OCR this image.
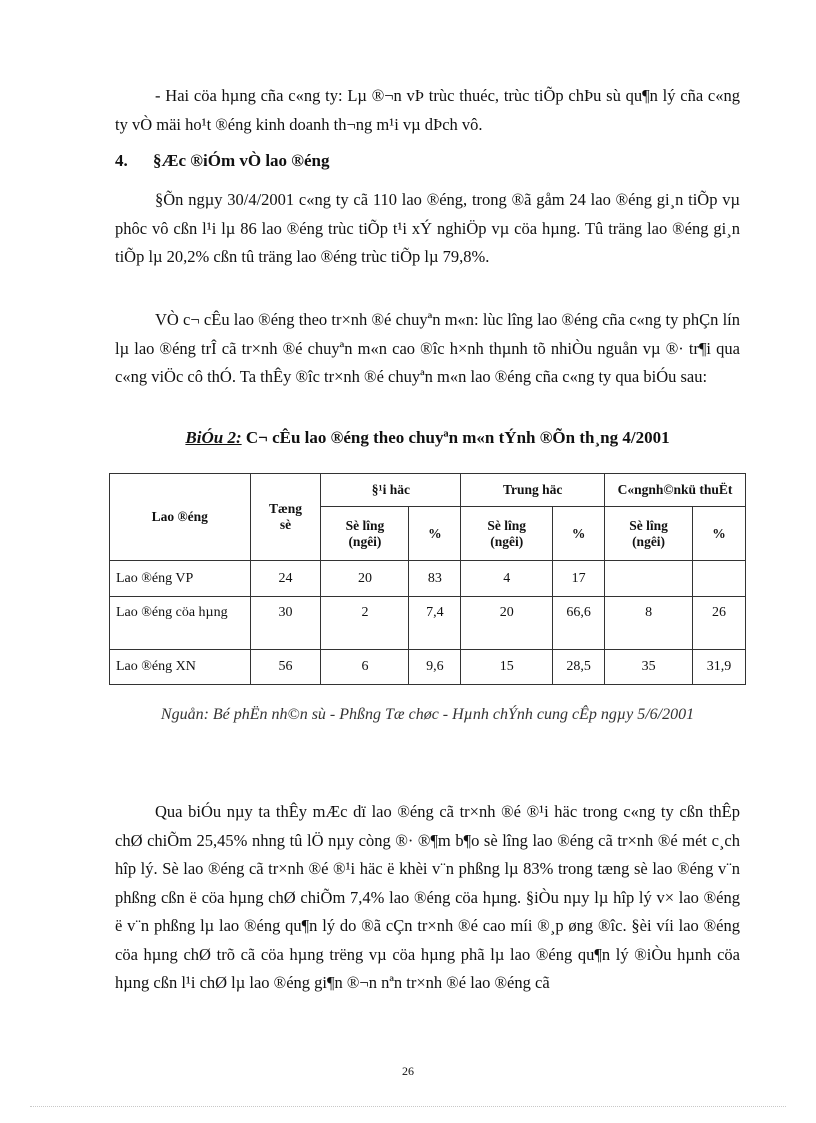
- Hai cöa hµng cña c«ng ty: Lµ ®¬n vÞ trùc thuéc, trùc tiÕp chÞu sù qu¶n lý cña c«ng ty vÒ mäi ho¹t ®éng kinh doanh th¬ng m¹i vµ dÞch vô.

4. §Æc ®iÓm vÒ lao ®éng

§Õn ngµy 30/4/2001 c«ng ty cã 110 lao ®éng, trong ®ã gåm 24 lao ®éng gi¸n tiÕp vµ phôc vô cßn l¹i lµ 86 lao ®éng trùc tiÕp t¹i xÝ nghiÖp vµ cöa hµng. Tû träng lao ®éng gi¸n tiÕp lµ 20,2% cßn tû träng lao ®éng trùc tiÕp lµ 79,8%.

VÒ c¬ cÊu lao ®éng theo tr×nh ®é chuyªn m«n: lùc lîng lao ®éng cña c«ng ty phÇn lín lµ lao ®éng trÎ cã tr×nh ®é chuyªn m«n cao ®îc h×nh thµnh tõ nhiÒu nguån vµ ®· tr¶i qua c«ng viÖc cô thÓ. Ta thÊy ®îc tr×nh ®é chuyªn m«n lao ®éng cña c«ng ty qua biÓu sau:

BiÓu 2: C¬ cÊu lao ®éng theo chuyªn m«n tÝnh ®Õn th¸ng 4/2001

Lao ®éng	Tæng sè	§¹i häc		Trung häc		C«ngnh©nkü thuËt	
		Sè lîng (ngêi)	%	Sè lîng (ngêi)	%	Sè lîng (ngêi)	%
Lao ®éng VP	24	20	83	4	17		
Lao ®éng cöa hµng	30	2	7,4	20	66,6	8	26
Lao ®éng XN	56	6	9,6	15	28,5	35	31,9

Nguån: Bé phËn nh©n sù - Phßng Tæ chøc - Hµnh chÝnh cung cÊp ngµy 5/6/2001

Qua biÓu nµy ta thÊy mÆc dï lao ®éng cã tr×nh ®é ®¹i häc trong c«ng ty cßn thÊp chØ chiÕm 25,45% nhng tû lÖ nµy còng ®· ®¶m b¶o sè lîng lao ®éng cã tr×nh ®é mét c¸ch hîp lý. Sè lao ®éng cã tr×nh ®é ®¹i häc ë khèi v¨n phßng lµ 83% trong tæng sè lao ®éng v¨n phßng cßn ë cöa hµng chØ chiÕm 7,4% lao ®éng cöa hµng. §iÒu nµy lµ hîp lý v× lao ®éng ë v¨n phßng lµ lao ®éng qu¶n lý do ®ã cÇn tr×nh ®é cao míi ®¸p øng ®îc. §èi víi lao ®éng cöa hµng chØ trõ cã cöa hµng trëng vµ cöa hµng phã lµ lao ®éng qu¶n lý ®iÒu hµnh cöa hµng cßn l¹i chØ lµ lao ®éng gi¶n ®¬n nªn tr×nh ®é lao ®éng cã

26
